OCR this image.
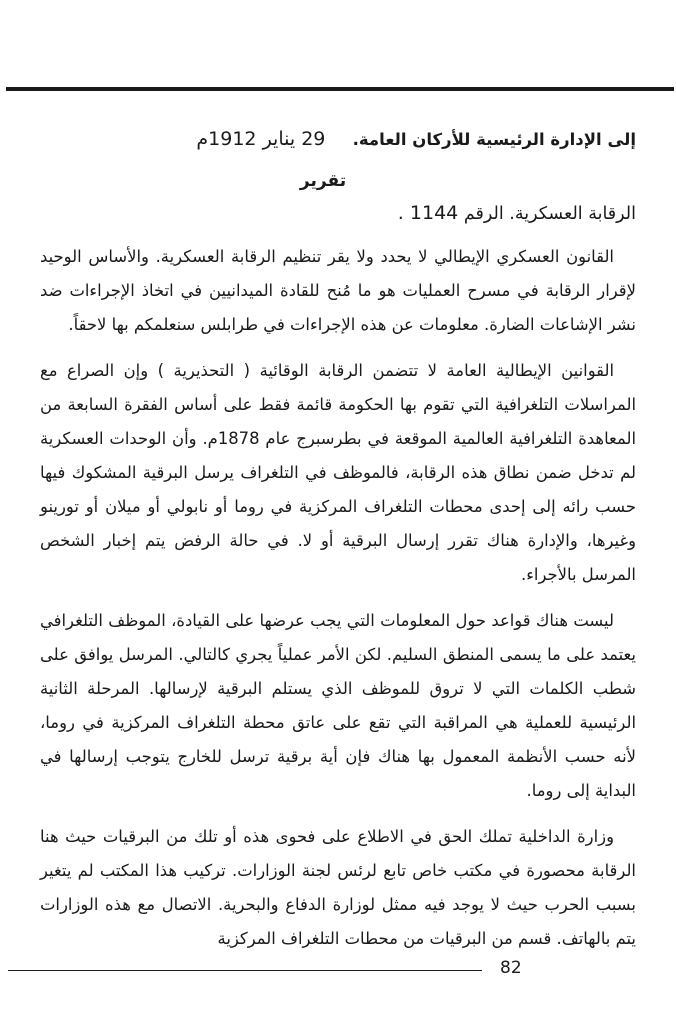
إلى الإدارة الرئيسية للأركان العامة. 29 يناير 1912م
تقرير
الرقابة العسكرية. الرقم 1144 .

القانون العسكري الإيطالي لا يحدد ولا يقر تنظيم الرقابة العسكرية. والأساس الوحيد لإقرار الرقابة في مسرح العمليات هو ما مُنح للقادة الميدانيين في اتخاذ الإجراءات ضد نشر الإشاعات الضارة. معلومات عن هذه الإجراءات في طرابلس سنعلمكم بها لاحقاً.

القوانين الإيطالية العامة لا تتضمن الرقابة الوقائية ( التحذيرية ) وإن الصراع مع المراسلات التلغرافية التي تقوم بها الحكومة قائمة فقط على أساس الفقرة السابعة من المعاهدة التلغرافية العالمية الموقعة في بطرسبرج عام 1878م. وأن الوحدات العسكرية لم تدخل ضمن نطاق هذه الرقابة، فالموظف في التلغراف يرسل البرقية المشكوك فيها حسب رائه إلى إحدى محطات التلغراف المركزية في روما أو نابولي أو ميلان أو تورينو وغيرها، والإدارة هناك تقرر إرسال البرقية أو لا. في حالة الرفض يتم إخبار الشخص المرسل بالأجراء.

ليست هناك قواعد حول المعلومات التي يجب عرضها على القيادة، الموظف التلغرافي يعتمد على ما يسمى المنطق السليم. لكن الأمر عملياً يجري كالتالي. المرسل يوافق على شطب الكلمات التي لا تروق للموظف الذي يستلم البرقية لإرسالها. المرحلة الثانية الرئيسية للعملية هي المراقبة التي تقع على عاتق محطة التلغراف المركزية في روما، لأنه حسب الأنظمة المعمول بها هناك فإن أية برقية ترسل للخارج يتوجب إرسالها في البداية إلى روما.

وزارة الداخلية تملك الحق في الاطلاع على فحوى هذه أو تلك من البرقيات حيث هنا الرقابة محصورة في مكتب خاص تابع لرئس لجنة الوزارات. تركيب هذا المكتب لم يتغير بسبب الحرب حيث لا يوجد فيه ممثل لوزارة الدفاع والبحرية. الاتصال مع هذه الوزارات يتم بالهاتف. قسم من البرقيات من محطات التلغراف المركزية

82
